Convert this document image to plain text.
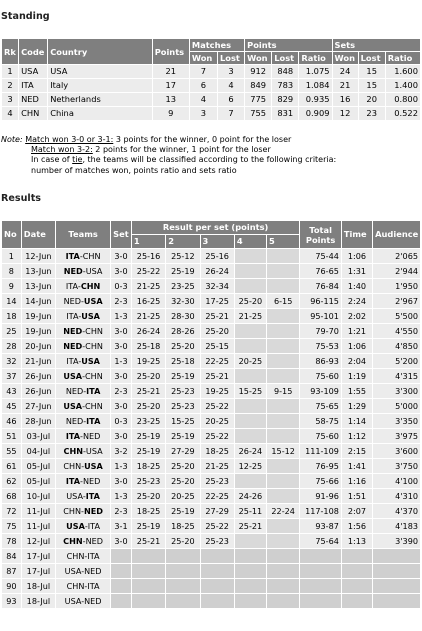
Standing
Rk	Code	Country	Points	Matches		Points			Sets		
				Won	Lost	Won	Lost	Ratio	Won	Lost	Ratio
1	USA	USA	21	7	3	912	848	1.075	24	15	1.600
2	ITA	Italy	17	6	4	849	783	1.084	21	15	1.400
3	NED	Netherlands	13	4	6	775	829	0.935	16	20	0.800
4	CHN	China	9	3	7	755	831	0.909	12	23	0.522
Note: Match won 3-0 or 3-1: 3 points for the winner, 0 point for the loser
Match won 3-2: 2 points for the winner, 1 point for the loser
In case of tie, the teams will be classified according to the following criteria:
number of matches won, points ratio and sets ratio
Results
No	Date	Teams	Set	Result per set (points)					Total Points	Time	Audience
				1	2	3	4	5			
1	12-Jun	ITA-CHN	3-0	25-16	25-12	25-16			75-44	1:06	2'065
8	13-Jun	NED-USA	3-0	25-22	25-19	26-24			76-65	1:31	2'944
9	13-Jun	ITA-CHN	0-3	21-25	23-25	32-34			76-84	1:40	1'950
14	14-Jun	NED-USA	2-3	16-25	32-30	17-25	25-20	6-15	96-115	2:24	2'967
18	19-Jun	ITA-USA	1-3	21-25	28-30	25-21	21-25		95-101	2:02	5'500
25	19-Jun	NED-CHN	3-0	26-24	28-26	25-20			79-70	1:21	4'550
28	20-Jun	NED-CHN	3-0	25-18	25-20	25-15			75-53	1:06	4'850
32	21-Jun	ITA-USA	1-3	19-25	25-18	22-25	20-25		86-93	2:04	5'200
37	26-Jun	USA-CHN	3-0	25-20	25-19	25-21			75-60	1:19	4'315
43	26-Jun	NED-ITA	2-3	25-21	25-23	19-25	15-25	9-15	93-109	1:55	3'300
45	27-Jun	USA-CHN	3-0	25-20	25-23	25-22			75-65	1:29	5'000
46	28-Jun	NED-ITA	0-3	23-25	15-25	20-25			58-75	1:14	3'350
51	03-Jul	ITA-NED	3-0	25-19	25-19	25-22			75-60	1:12	3'975
55	04-Jul	CHN-USA	3-2	25-19	27-29	18-25	26-24	15-12	111-109	2:15	3'600
61	05-Jul	CHN-USA	1-3	18-25	25-20	21-25	12-25		76-95	1:41	3'750
62	05-Jul	ITA-NED	3-0	25-23	25-20	25-23			75-66	1:16	4'100
68	10-Jul	USA-ITA	1-3	25-20	20-25	22-25	24-26		91-96	1:51	4'310
72	11-Jul	CHN-NED	2-3	18-25	25-19	27-29	25-11	22-24	117-108	2:07	4'370
75	11-Jul	USA-ITA	3-1	25-19	18-25	25-22	25-21		93-87	1:56	4'183
78	12-Jul	CHN-NED	3-0	25-21	25-20	25-23			75-64	1:13	3'390
84	17-Jul	CHN-ITA									
87	17-Jul	USA-NED									
90	18-Jul	CHN-ITA									
93	18-Jul	USA-NED									
